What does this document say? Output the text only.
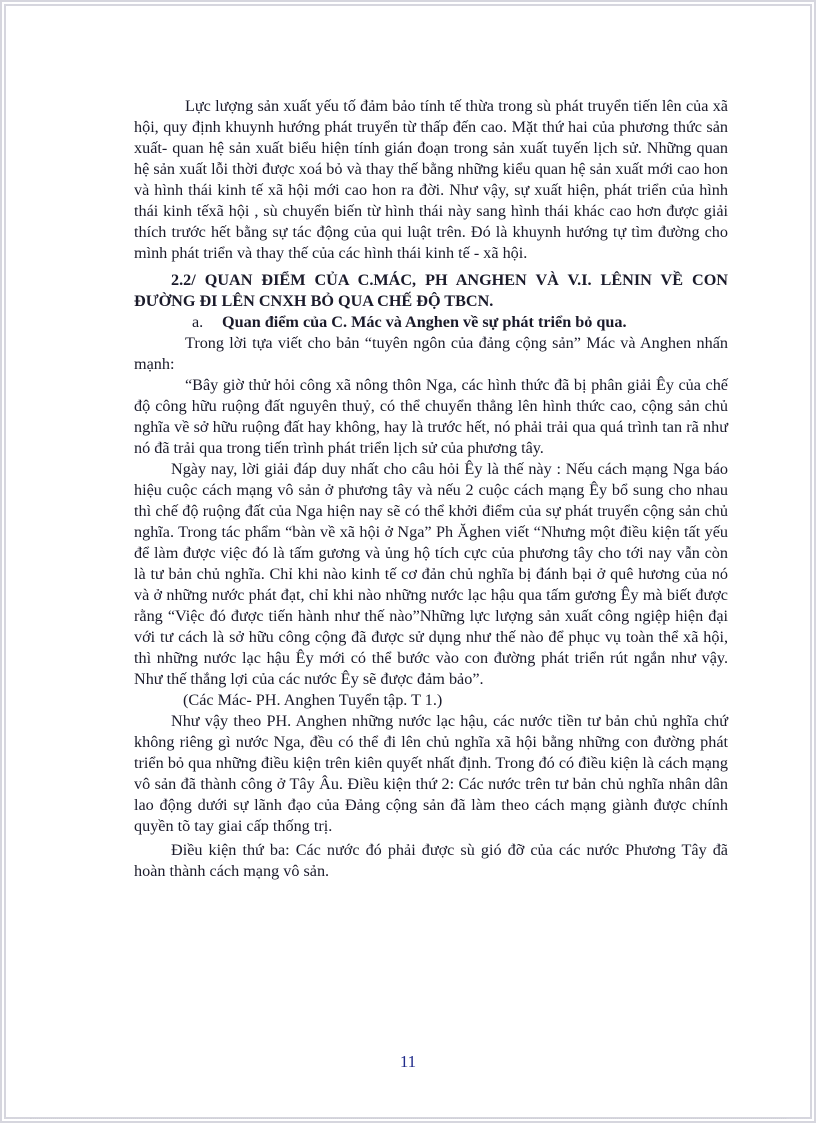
Lực lượng sản xuất yếu tố đảm bảo tính tế thừa trong sù phát truyển tiến lên của xã hội, quy định khuynh hướng phát truyển từ thấp đến cao. Mặt thứ hai của phương thức sản xuất- quan hệ sản xuất biểu hiện tính gián đoạn trong sản xuất tuyến lịch sử. Những quan hệ sản xuất lỗi thời được xoá bỏ và thay thế bằng những kiểu quan hệ sản xuất mới cao hon và hình thái kinh tế xã hội mới cao hon ra đời. Như vậy, sự xuất hiện, phát triển của hình thái kinh tếxã hội , sù chuyển biến từ hình thái này sang hình thái khác cao hơn được giải thích trước hết bằng sự tác động của qui luật trên. Đó là khuynh hướng tự tìm đường cho mình phát triển và thay thế của các hình thái kinh tế - xã hội.

2.2/ QUAN ĐIỂM CỦA C.MÁC, PH ANGHEN VÀ V.I. LÊNIN VỀ CON ĐƯỜNG ĐI LÊN CNXH BỎ QUA CHẾ ĐỘ TBCN.

a. Quan điểm của C. Mác và Anghen về sự phát triển bỏ qua.

Trong lời tựa viết cho bản “tuyên ngôn của đảng cộng sản” Mác và Anghen nhấn mạnh:

“Bây giờ thử hỏi công xã nông thôn Nga, các hình thức đã bị phân giải Êy của chế độ công hữu ruộng đất nguyên thuỷ, có thể chuyển thẳng lên hình thức cao, cộng sản chủ nghĩa về sở hữu ruộng đất hay không, hay là trước hết, nó phải trải qua quá trình tan rã như nó đã trải qua trong tiến trình phát triển lịch sử của phương tây.

Ngày nay, lời giải đáp duy nhất cho câu hỏi Êy là thế này : Nếu cách mạng Nga báo hiệu cuộc cách mạng vô sản ở phương tây và nếu 2 cuộc cách mạng Êy bổ sung cho nhau thì chế độ ruộng đất của Nga hiện nay sẽ có thể khởi điểm của sự phát truyển cộng sản chủ nghĩa. Trong tác phẩm “bàn về xã hội ở Nga” Ph Ăghen viết “Nhưng một điều kiện tất yếu để làm được việc đó là tấm gương và ủng hộ tích cực của phương tây cho tới nay vẫn còn là tư bản chủ nghĩa. Chỉ khi nào kinh tế cơ đản chủ nghĩa bị đánh bại ở quê hương của nó và ở những nước phát đạt, chỉ khi nào những nước lạc hậu qua tấm gương Êy mà biết được rằng “Việc đó được tiến hành như thế nào”Những lực lượng sản xuất công ngiệp hiện đại với tư cách là sở hữu công cộng đã được sử dụng như thế nào để phục vụ toàn thể xã hội, thì những nước lạc hậu Êy mới có thể bước vào con đường phát triển rút ngắn như vậy. Như thế thắng lợi của các nước Êy sẽ được đảm bảo”.

(Các Mác- PH. Anghen Tuyển tập. T 1.)

Như vậy theo PH. Anghen những nước lạc hậu, các nước tiền tư bản chủ nghĩa chứ không riêng gì nước Nga, đều có thể đi lên chủ nghĩa xã hội bằng những con đường phát triển bỏ qua những điều kiện trên kiên quyết nhất định. Trong đó có điều kiện là cách mạng vô sản đã thành công ở Tây Âu. Điều kiện thứ 2: Các nước trên tư bản chủ nghĩa nhân dân lao động dưới sự lãnh đạo của Đảng cộng sản đã làm theo cách mạng giành được chính quyền tõ tay giai cấp thống trị.

Điều kiện thứ ba: Các nước đó phải được sù gió đỡ của các nước Phương Tây đã hoàn thành cách mạng vô sản.

11
